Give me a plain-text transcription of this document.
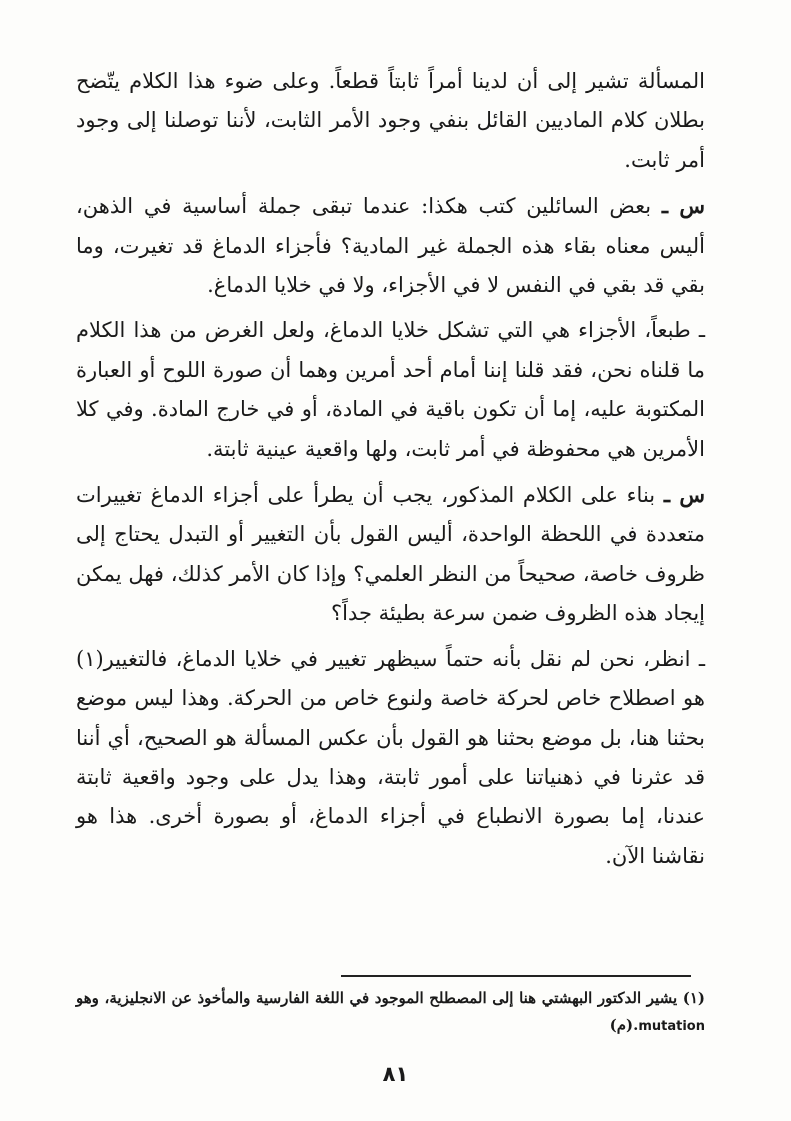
المسألة تشير إلى أن لدينا أمراً ثابتاً قطعاً. وعلى ضوء هذا الكلام يتّضح بطلان كلام الماديين القائل بنفي وجود الأمر الثابت، لأننا توصلنا إلى وجود أمر ثابت.

س ـ بعض السائلين كتب هكذا: عندما تبقى جملة أساسية في الذهن، أليس معناه بقاء هذه الجملة غير المادية؟ فأجزاء الدماغ قد تغيرت، وما بقي قد بقي في النفس لا في الأجزاء، ولا في خلايا الدماغ.

ـ طبعاً، الأجزاء هي التي تشكل خلايا الدماغ، ولعل الغرض من هذا الكلام ما قلناه نحن، فقد قلنا إننا أمام أحد أمرين وهما أن صورة اللوح أو العبارة المكتوبة عليه، إما أن تكون باقية في المادة، أو في خارج المادة. وفي كلا الأمرين هي محفوظة في أمر ثابت، ولها واقعية عينية ثابتة.

س ـ بناء على الكلام المذكور، يجب أن يطرأ على أجزاء الدماغ تغييرات متعددة في اللحظة الواحدة، أليس القول بأن التغيير أو التبدل يحتاج إلى ظروف خاصة، صحيحاً من النظر العلمي؟ وإذا كان الأمر كذلك، فهل يمكن إيجاد هذه الظروف ضمن سرعة بطيئة جداً؟

ـ انظر، نحن لم نقل بأنه حتماً سيظهر تغيير في خلايا الدماغ، فالتغيير(١) هو اصطلاح خاص لحركة خاصة ولنوع خاص من الحركة. وهذا ليس موضع بحثنا هنا، بل موضع بحثنا هو القول بأن عكس المسألة هو الصحيح، أي أننا قد عثرنا في ذهنياتنا على أمور ثابتة، وهذا يدل على وجود واقعية ثابتة عندنا، إما بصورة الانطباع في أجزاء الدماغ، أو بصورة أخرى. هذا هو نقاشنا الآن.

(١) يشير الدكتور البهشتي هنا إلى المصطلح الموجود في اللغة الفارسية والمأخوذ عن الانجليزية، وهو mutation.(م)

٨١
